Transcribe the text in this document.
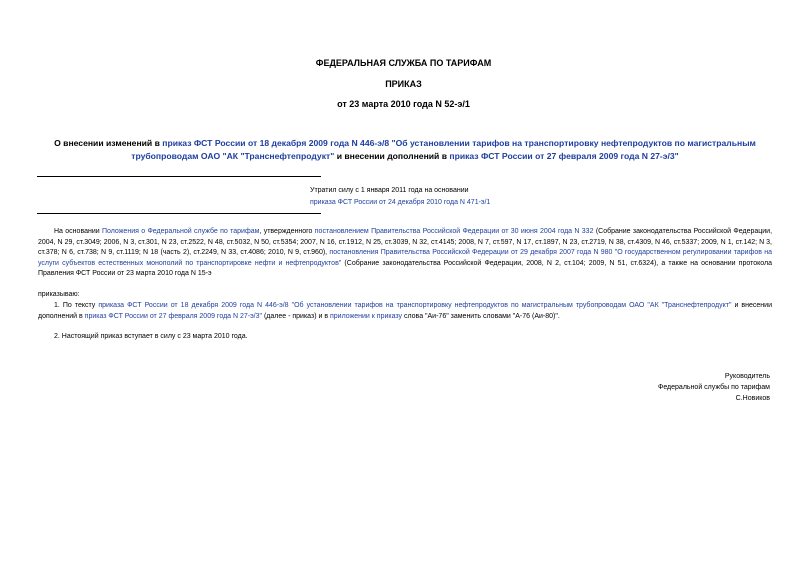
ФЕДЕРАЛЬНАЯ СЛУЖБА ПО ТАРИФАМ
ПРИКАЗ
от 23 марта 2010 года N 52-э/1
О внесении изменений в приказ ФСТ России от 18 декабря 2009 года N 446-э/8 "Об установлении тарифов на транспортировку нефтепродуктов по магистральным трубопроводам ОАО "АК "Транснефтепродукт" и внесении дополнений в приказ ФСТ России от 27 февраля 2009 года N 27-э/3"
Утратил силу с 1 января 2011 года на основании
приказа ФСТ России от 24 декабря 2010 года N 471-э/1
На основании Положения о Федеральной службе по тарифам, утвержденного постановлением Правительства Российской Федерации от 30 июня 2004 года N 332 (Собрание законодательства Российской Федерации, 2004, N 29, ст.3049; 2006, N 3, ст.301, N 23, ст.2522, N 48, ст.5032, N 50, ст.5354; 2007, N 16, ст.1912, N 25, ст.3039, N 32, ст.4145; 2008, N 7, ст.597, N 17, ст.1897, N 23, ст.2719, N 38, ст.4309, N 46, ст.5337; 2009, N 1, ст.142; N 3, ст.378; N 6, ст.738; N 9, ст.1119; N 18 (часть 2), ст.2249, N 33, ст.4086; 2010, N 9, ст.960), постановления Правительства Российской Федерации от 29 декабря 2007 года N 980 "О государственном регулировании тарифов на услуги субъектов естественных монополий по транспортировке нефти и нефтепродуктов" (Собрание законодательства Российской Федерации, 2008, N 2, ст.104; 2009, N 51, ст.6324), а также на основании протокола Правления ФСТ России от 23 марта 2010 года N 15-э
приказываю:
1. По тексту приказа ФСТ России от 18 декабря 2009 года N 446-э/8 "Об установлении тарифов на транспортировку нефтепродуктов по магистральным трубопроводам ОАО "АК "Транснефтепродукт" и внесении дополнений в приказ ФСТ России от 27 февраля 2009 года N 27-э/3" (далее - приказ) и в приложении к приказу слова "Аи-76" заменить словами "А-76 (Аи-80)".
2. Настоящий приказ вступает в силу с 23 марта 2010 года.
Руководитель
Федеральной службы по тарифам
С.Новиков
